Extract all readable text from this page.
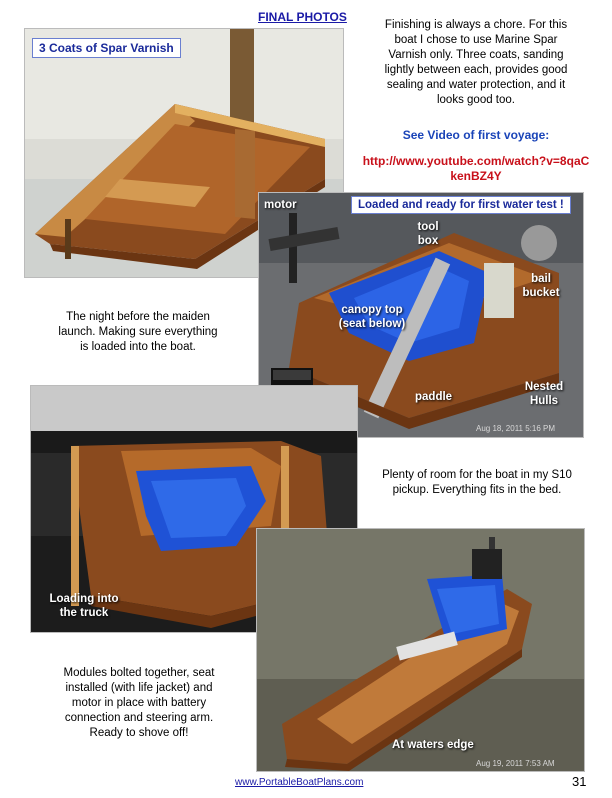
FINAL PHOTOS
Finishing is always a chore. For this
boat I chose to use Marine Spar
Varnish only. Three coats, sanding
lightly between each, provides good
sealing and water protection, and it
looks good too.
See Video of first voyage:
http://www.youtube.com/watch?v=8qaC
kenBZ4Y
3 Coats of Spar Varnish
motor	Loaded and ready for first water test !
tool
box
bail
bucket
canopy top
(seat below)
paddle
Nested
Hulls
Aug 18, 2011 5:16 PM
The night before the maiden
launch. Making sure everything
is loaded into the boat.
Loading into
the truck
Plenty of room for the boat in my S10
pickup. Everything fits in the bed.
At waters edge
Aug 19, 2011 7:53 AM
Modules bolted together, seat
installed (with life jacket) and
motor in place with battery
connection and steering arm.
Ready to shove off!
www.PortableBoatPlans.com	31
